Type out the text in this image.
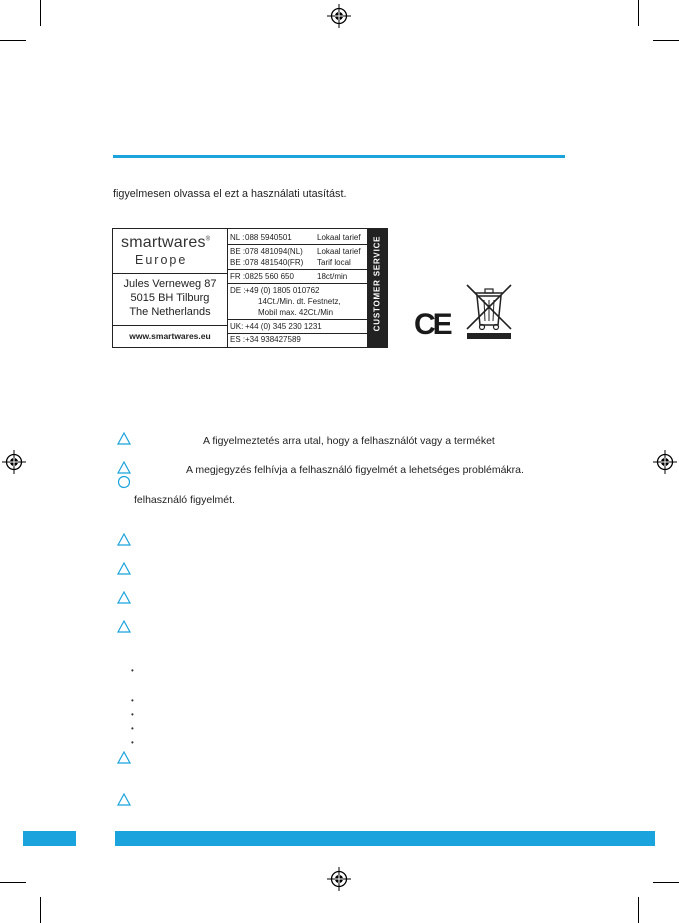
figyelmesen olvassa el ezt a használati utasítást.
smartwares®
Europe
Jules Verneweg 87
5015 BH Tilburg
The Netherlands
www.smartwares.eu
NL : 088 5940501	Lokaal tarief
BE : 078 481094(NL) Lokaal tarief
BE : 078 481540(FR) Tarif local
FR : 0825 560 650	18ct/min
DE : +49 (0) 1805 010762
14Ct./Min. dt. Festnetz,
Mobil max. 42Ct./Min
UK: +44 (0) 345 230 1231
ES : +34 938427589
CUSTOMER SERVICE CE
A figyelmeztetés arra utal, hogy a felhasználót vagy a terméket
A megjegyzés felhívja a felhasználó figyelmét a lehetséges problémákra.
felhasználó figyelmét.
•
•
•
•
•
